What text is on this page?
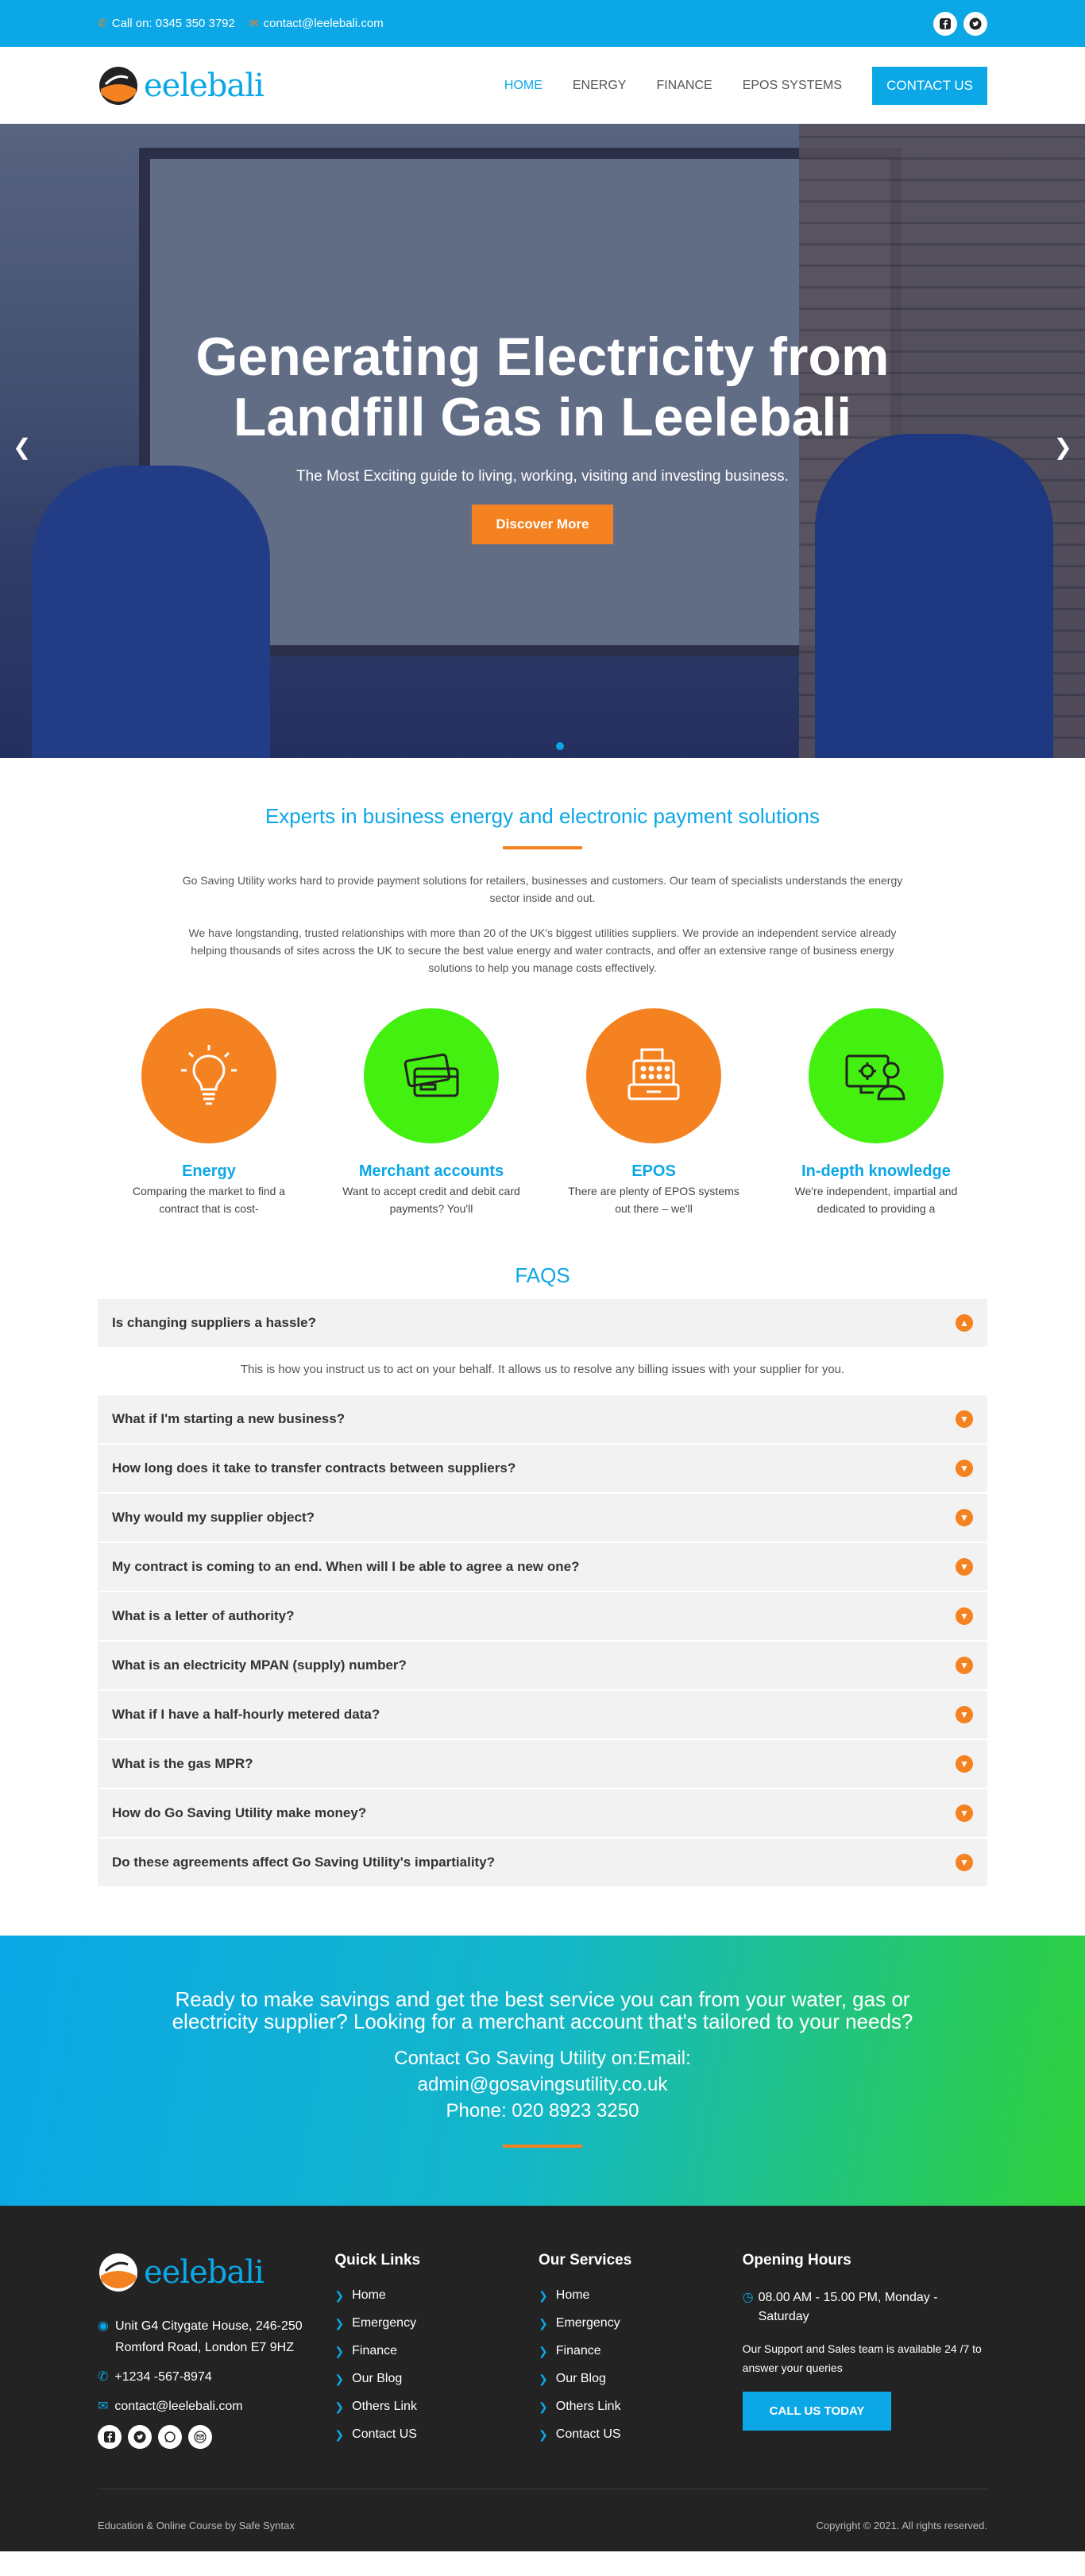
✆ Call on: 0345 350 3792 ✉ contact@leelebali.com
eelebali	HOME ENERGY FINANCE EPOS SYSTEMS	CONTACT US
❮	❯
Generating Electricity from
Landfill Gas in Leelebali

The Most Exciting guide to living, working, visiting and investing business.

Discover More
Experts in business energy and electronic payment solutions

Go Saving Utility works hard to provide payment solutions for retailers, businesses and customers. Our team of specialists understands the energy sector inside and out.

We have longstanding, trusted relationships with more than 20 of the UK's biggest utilities suppliers. We provide an independent service already helping thousands of sites across the UK to secure the best value energy and water contracts, and offer an extensive range of business energy solutions to help you manage costs effectively.

Energy

Comparing the market to find a contract that is cost-

Merchant accounts

Want to accept credit and debit card payments? You'll

EPOS

There are plenty of EPOS systems out there – we'll

In-depth knowledge

We're independent, impartial and dedicated to providing a

FAQS
Is changing suppliers a hassle?	▲
This is how you instruct us to act on your behalf. It allows us to resolve any billing issues with your supplier for you.
What if I'm starting a new business?	▼
How long does it take to transfer contracts between suppliers?	▼
Why would my supplier object?	▼
My contract is coming to an end. When will I be able to agree a new one?	▼
What is a letter of authority?	▼
What is an electricity MPAN (supply) number?	▼
What if I have a half-hourly metered data?	▼
What is the gas MPR?	▼
How do Go Saving Utility make money?	▼
Do these agreements affect Go Saving Utility's impartiality?	▼
Ready to make savings and get the best service you can from your water, gas or electricity supplier? Looking for a merchant account that's tailored to your needs?
Contact Go Saving Utility on:Email:
admin@gosavingsutility.co.uk
Phone: 020 8923 3250
eelebali
◉ Unit G4 Citygate House, 246-250 Romford Road, London E7 9HZ
✆ +1234 -567-8974
✉ contact@leelebali.com
Quick Links
❯ Home
❯ Emergency
❯ Finance
❯ Our Blog
❯ Others Link
❯ Contact US
Our Services
❯ Home
❯ Emergency
❯ Finance
❯ Our Blog
❯ Others Link
❯ Contact US
Opening Hours
◷ 08.00 AM - 15.00 PM, Monday - Saturday
Our Support and Sales team is available 24 /7 to answer your queries
CALL US TODAY
Education & Online Course by Safe Syntax	Copyright © 2021. All rights reserved.
